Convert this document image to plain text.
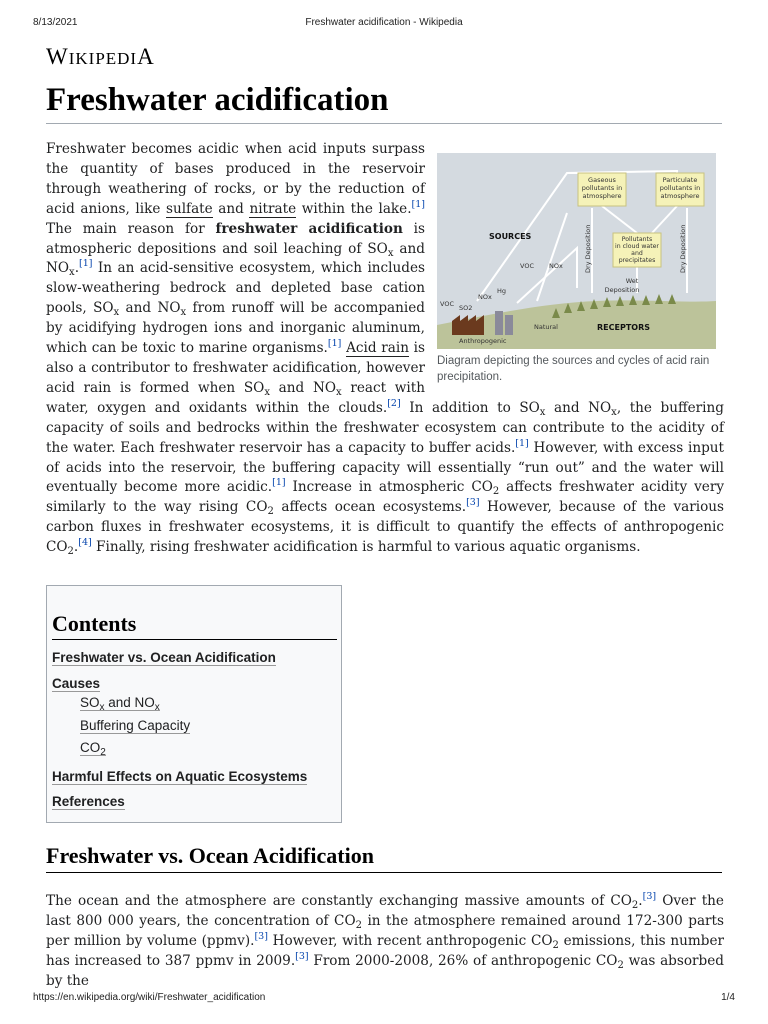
8/13/2021	Freshwater acidification - Wikipedia
WIKIPEDIA
Freshwater acidification
Gaseous
pollutants in
atmosphere
Particulate
pollutants in
atmosphere
Pollutants
in cloud water
and
precipitates
Dry Deposition	Dry Deposition
Wet
Deposition
SOURCES
RECEPTORS
VOC NOx
VOC SO2
NOx
Hg
Natural
Anthropogenic
Diagram depicting the sources and cycles of acid rain precipitation.

Freshwater becomes acidic when acid inputs surpass the quantity of bases produced in the reservoir through weathering of rocks, or by the reduction of acid anions, like sulfate and nitrate within the lake.[1] The main reason for freshwater acidification is atmospheric depositions and soil leaching of $SO_x$ and $NO_x.[1]$ In an acid-sensitive ecosystem, which includes slow-weathering bedrock and depleted base cation pools, $SO_x$ and $NO_x$ from runoff will be accompanied by acidifying hydrogen ions and inorganic aluminum, which can be toxic to marine organisms.[1] Acid rain is also a contributor to freshwater acidification, however acid rain is formed when $SO_x$ and $NO_x$ react with water, oxygen and oxidants within the clouds.[2] In addition to $SO_x$ and $NO_x$, the buffering capacity of soils and bedrocks within the freshwater ecosystem can contribute to the acidity of the water. Each freshwater reservoir has a capacity to buffer acids.[1] However, with excess input of acids into the reservoir, the buffering capacity will essentially “run out” and the water will eventually become more acidic.[1] Increase in atmospheric $CO_2$ affects freshwater acidity very similarly to the way rising $CO_2$ affects ocean ecosystems.[3] However, because of the various carbon fluxes in freshwater ecosystems, it is difficult to quantify the effects of anthropogenic $CO_2.[4]$ Finally, rising freshwater acidification is harmful to various aquatic organisms.

Contents
Freshwater vs. Ocean Acidification
Causes
$SO_x$ and $NO_x$
Buffering Capacity
$CO_2$
Harmful Effects on Aquatic Ecosystems
References
Freshwater vs. Ocean Acidification

The ocean and the atmosphere are constantly exchanging massive amounts of $CO_2.[3]$ Over the last 800 000 years, the concentration of $CO_2$ in the atmosphere remained around 172-300 parts per million by volume (ppmv).[3] However, with recent anthropogenic $CO_2$ emissions, this number has increased to 387 ppmv in 2009.[3] From 2000-2008, 26% of anthropogenic $CO_2$ was absorbed by the

https://en.wikipedia.org/wiki/Freshwater_acidification	1/4
